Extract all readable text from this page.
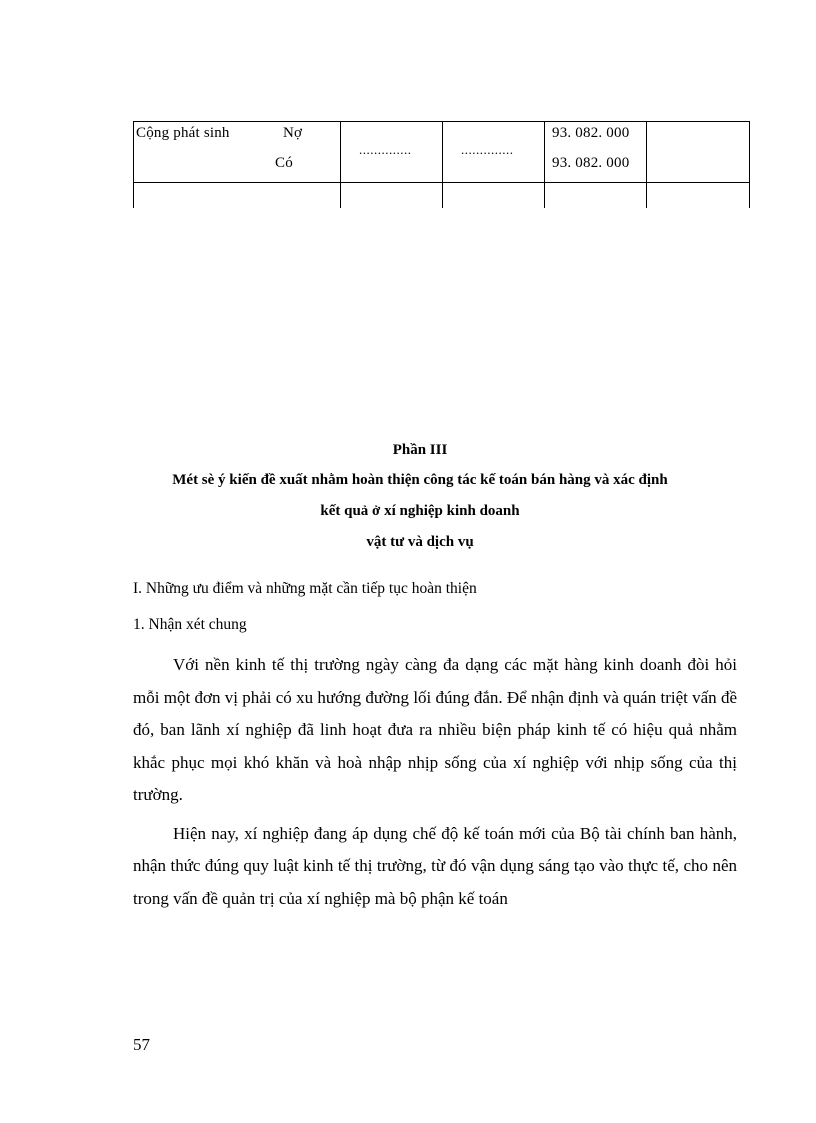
Cộng phát sinh	Nợ
Có
..............	..............
93. 082. 000
93. 082. 000
Phần III
Mét sè ý kiến đề xuất nhằm hoàn thiện công tác kế toán bán hàng và xác định
kết quả ở xí nghiệp kinh doanh
vật tư và dịch vụ
I. Những ưu điểm và những mặt cần tiếp tục hoàn thiện
1. Nhận xét chung

Với nền kinh tế thị trường ngày càng đa dạng các mặt hàng kinh doanh đòi hỏi mỗi một đơn vị phải có xu hướng đường lối đúng đắn. Để nhận định và quán triệt vấn đề đó, ban lãnh xí nghiệp đã linh hoạt đưa ra nhiều biện pháp kinh tế có hiệu quả nhằm khắc phục mọi khó khăn và hoà nhập nhịp sống của xí nghiệp với nhịp sống của thị trường.

Hiện nay, xí nghiệp đang áp dụng chế độ kế toán mới của Bộ tài chính ban hành, nhận thức đúng quy luật kinh tế thị trường, từ đó vận dụng sáng tạo vào thực tế, cho nên trong vấn đề quản trị của xí nghiệp mà bộ phận kế toán

57
